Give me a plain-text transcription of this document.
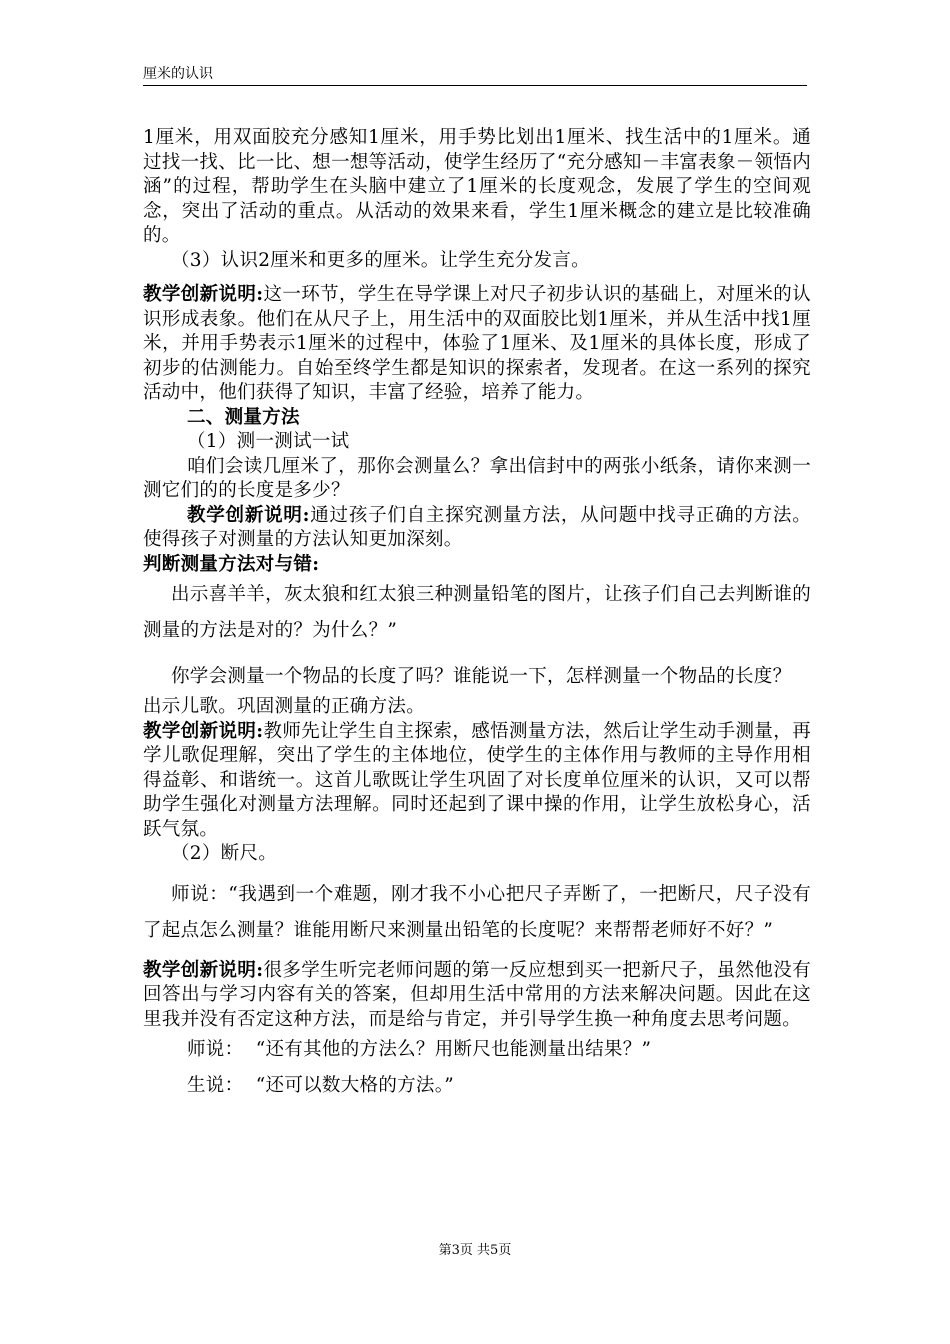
厘米的认识

1厘米，用双面胶充分感知1厘米，用手势比划出1厘米、找生活中的1厘米。通过找一找、比一比、想一想等活动，使学生经历了“充分感知－丰富表象－领悟内涵”的过程，帮助学生在头脑中建立了1厘米的长度观念，发展了学生的空间观念，突出了活动的重点。从活动的效果来看，学生1厘米概念的建立是比较准确的。

（3）认识2厘米和更多的厘米。让学生充分发言。

教学创新说明:这一环节，学生在导学课上对尺子初步认识的基础上，对厘米的认识形成表象。他们在从尺子上，用生活中的双面胶比划1厘米，并从生活中找1厘米，并用手势表示1厘米的过程中，体验了1厘米、及1厘米的具体长度，形成了初步的估测能力。自始至终学生都是知识的探索者，发现者。在这一系列的探究活动中，他们获得了知识，丰富了经验，培养了能力。

二、测量方法

（1）测一测试一试

咱们会读几厘米了，那你会测量么？拿出信封中的两张小纸条，请你来测一测它们的的长度是多少？

教学创新说明:通过孩子们自主探究测量方法，从问题中找寻正确的方法。使得孩子对测量的方法认知更加深刻。

判断测量方法对与错:

出示喜羊羊，灰太狼和红太狼三种测量铅笔的图片，让孩子们自己去判断谁的测量的方法是对的？为什么？”

你学会测量一个物品的长度了吗？谁能说一下，怎样测量一个物品的长度？

出示儿歌。巩固测量的正确方法。

教学创新说明:教师先让学生自主探索，感悟测量方法，然后让学生动手测量，再学儿歌促理解，突出了学生的主体地位，使学生的主体作用与教师的主导作用相得益彰、和谐统一。这首儿歌既让学生巩固了对长度单位厘米的认识，又可以帮助学生强化对测量方法理解。同时还起到了课中操的作用，让学生放松身心，活跃气氛。

（2）断尺。

师说：“我遇到一个难题，刚才我不小心把尺子弄断了，一把断尺，尺子没有了起点怎么测量？谁能用断尺来测量出铅笔的长度呢？来帮帮老师好不好？”

教学创新说明:很多学生听完老师问题的第一反应想到买一把新尺子，虽然他没有回答出与学习内容有关的答案，但却用生活中常用的方法来解决问题。因此在这里我并没有否定这种方法，而是给与肯定，并引导学生换一种角度去思考问题。

师说：  “还有其他的方法么？用断尺也能测量出结果？”

生说：  “还可以数大格的方法。”

第3页 共5页
